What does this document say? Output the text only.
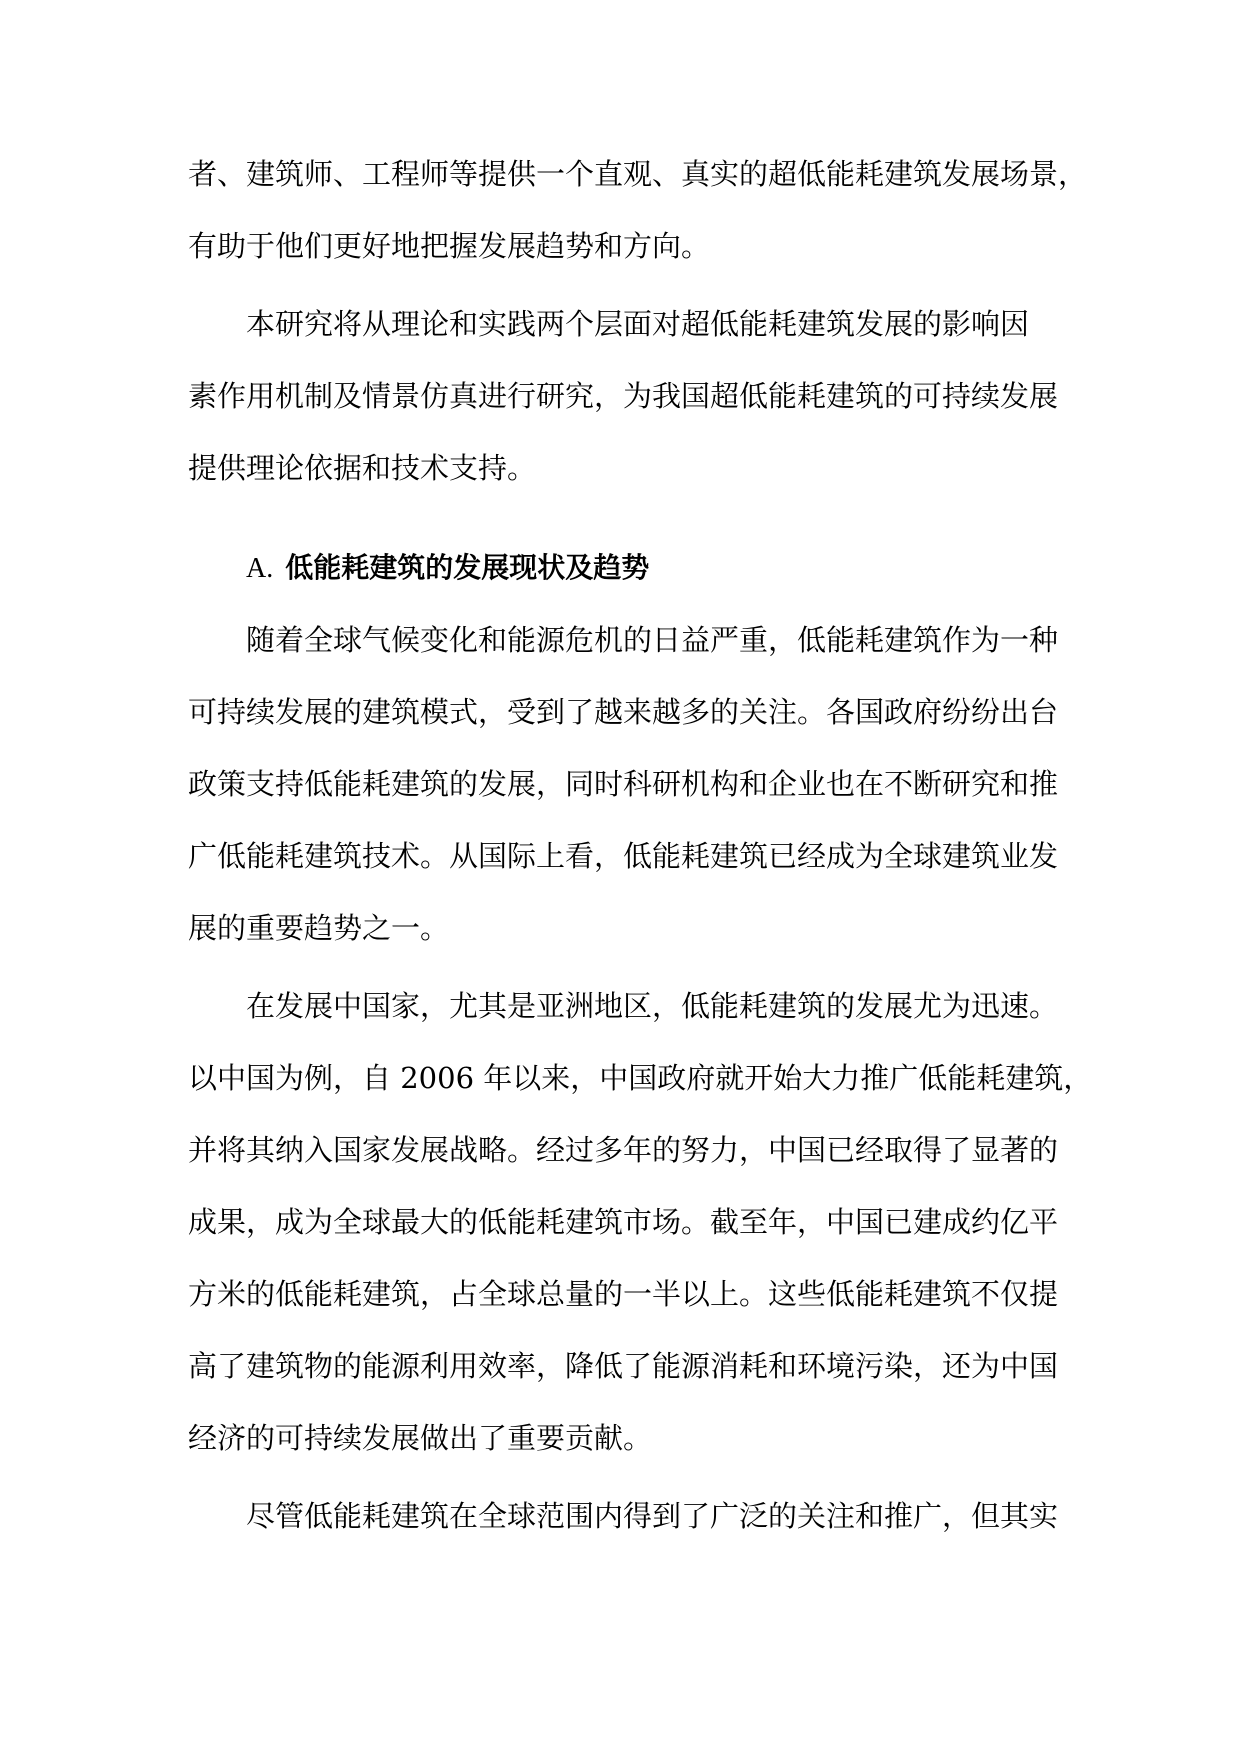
者、建筑师、工程师等提供一个直观、真实的超低能耗建筑发展场景，
有助于他们更好地把握发展趋势和方向。
本研究将从理论和实践两个层面对超低能耗建筑发展的影响因
素作用机制及情景仿真进行研究，为我国超低能耗建筑的可持续发展
提供理论依据和技术支持。
A. 低能耗建筑的发展现状及趋势
随着全球气候变化和能源危机的日益严重，低能耗建筑作为一种
可持续发展的建筑模式，受到了越来越多的关注。各国政府纷纷出台
政策支持低能耗建筑的发展，同时科研机构和企业也在不断研究和推
广低能耗建筑技术。从国际上看，低能耗建筑已经成为全球建筑业发
展的重要趋势之一。
在发展中国家，尤其是亚洲地区，低能耗建筑的发展尤为迅速。
以中国为例，自 2006 年以来，中国政府就开始大力推广低能耗建筑，
并将其纳入国家发展战略。经过多年的努力，中国已经取得了显著的
成果，成为全球最大的低能耗建筑市场。截至年，中国已建成约亿平
方米的低能耗建筑，占全球总量的一半以上。这些低能耗建筑不仅提
高了建筑物的能源利用效率，降低了能源消耗和环境污染，还为中国
经济的可持续发展做出了重要贡献。
尽管低能耗建筑在全球范围内得到了广泛的关注和推广，但其实
